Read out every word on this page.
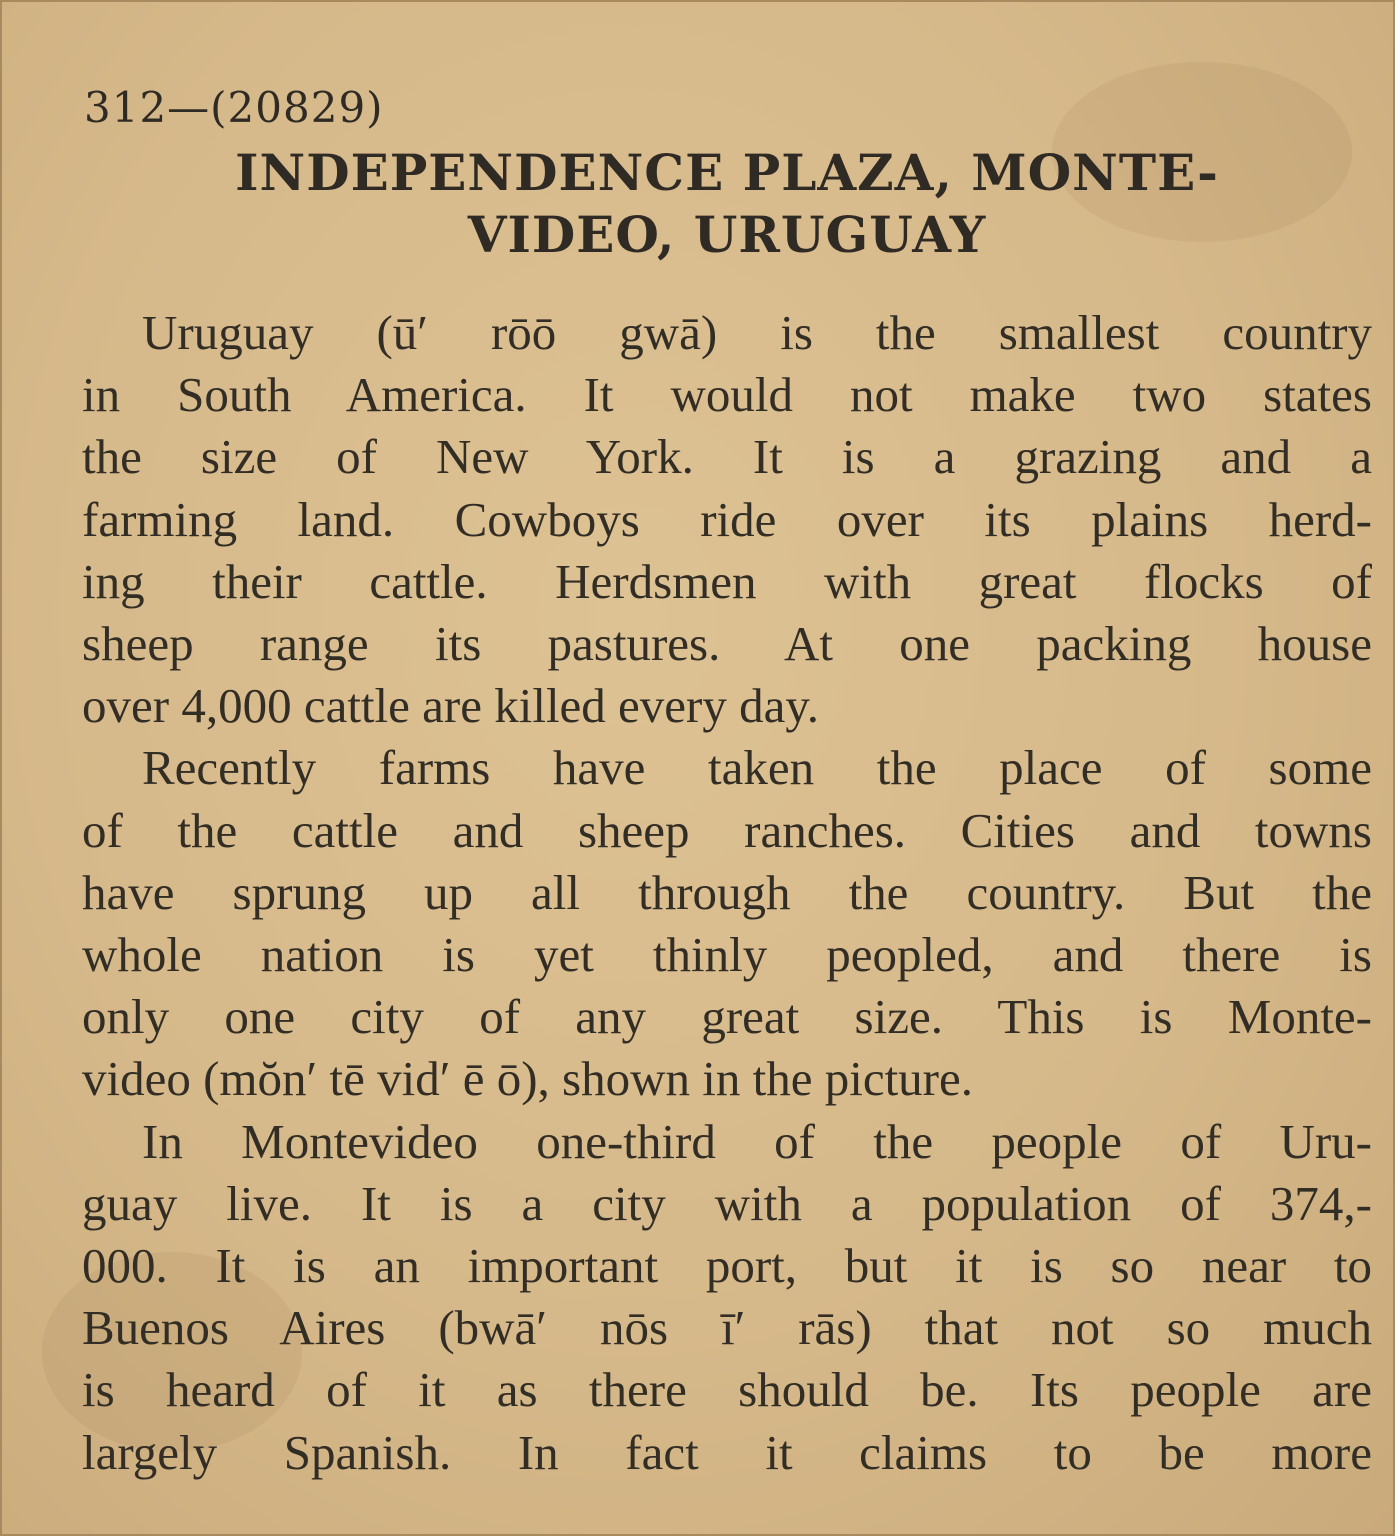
312—(20829)
INDEPENDENCE PLAZA, MONTE-
VIDEO, URUGUAY
Uruguay (ū′ rōō gwā) is the smallest country
in South America. It would not make two states
the size of New York. It is a grazing and a
farming land. Cowboys ride over its plains herd-
ing their cattle. Herdsmen with great flocks of
sheep range its pastures. At one packing house
over 4,000 cattle are killed every day.
Recently farms have taken the place of some
of the cattle and sheep ranches. Cities and towns
have sprung up all through the country. But the
whole nation is yet thinly peopled, and there is
only one city of any great size. This is Monte-
video (mŏn′ tē vid′ ē ō), shown in the picture.
In Montevideo one-third of the people of Uru-
guay live. It is a city with a population of 374,-
000. It is an important port, but it is so near to
Buenos Aires (bwā′ nōs ī′ rās) that not so much
is heard of it as there should be. Its people are
largely Spanish. In fact it claims to be more
